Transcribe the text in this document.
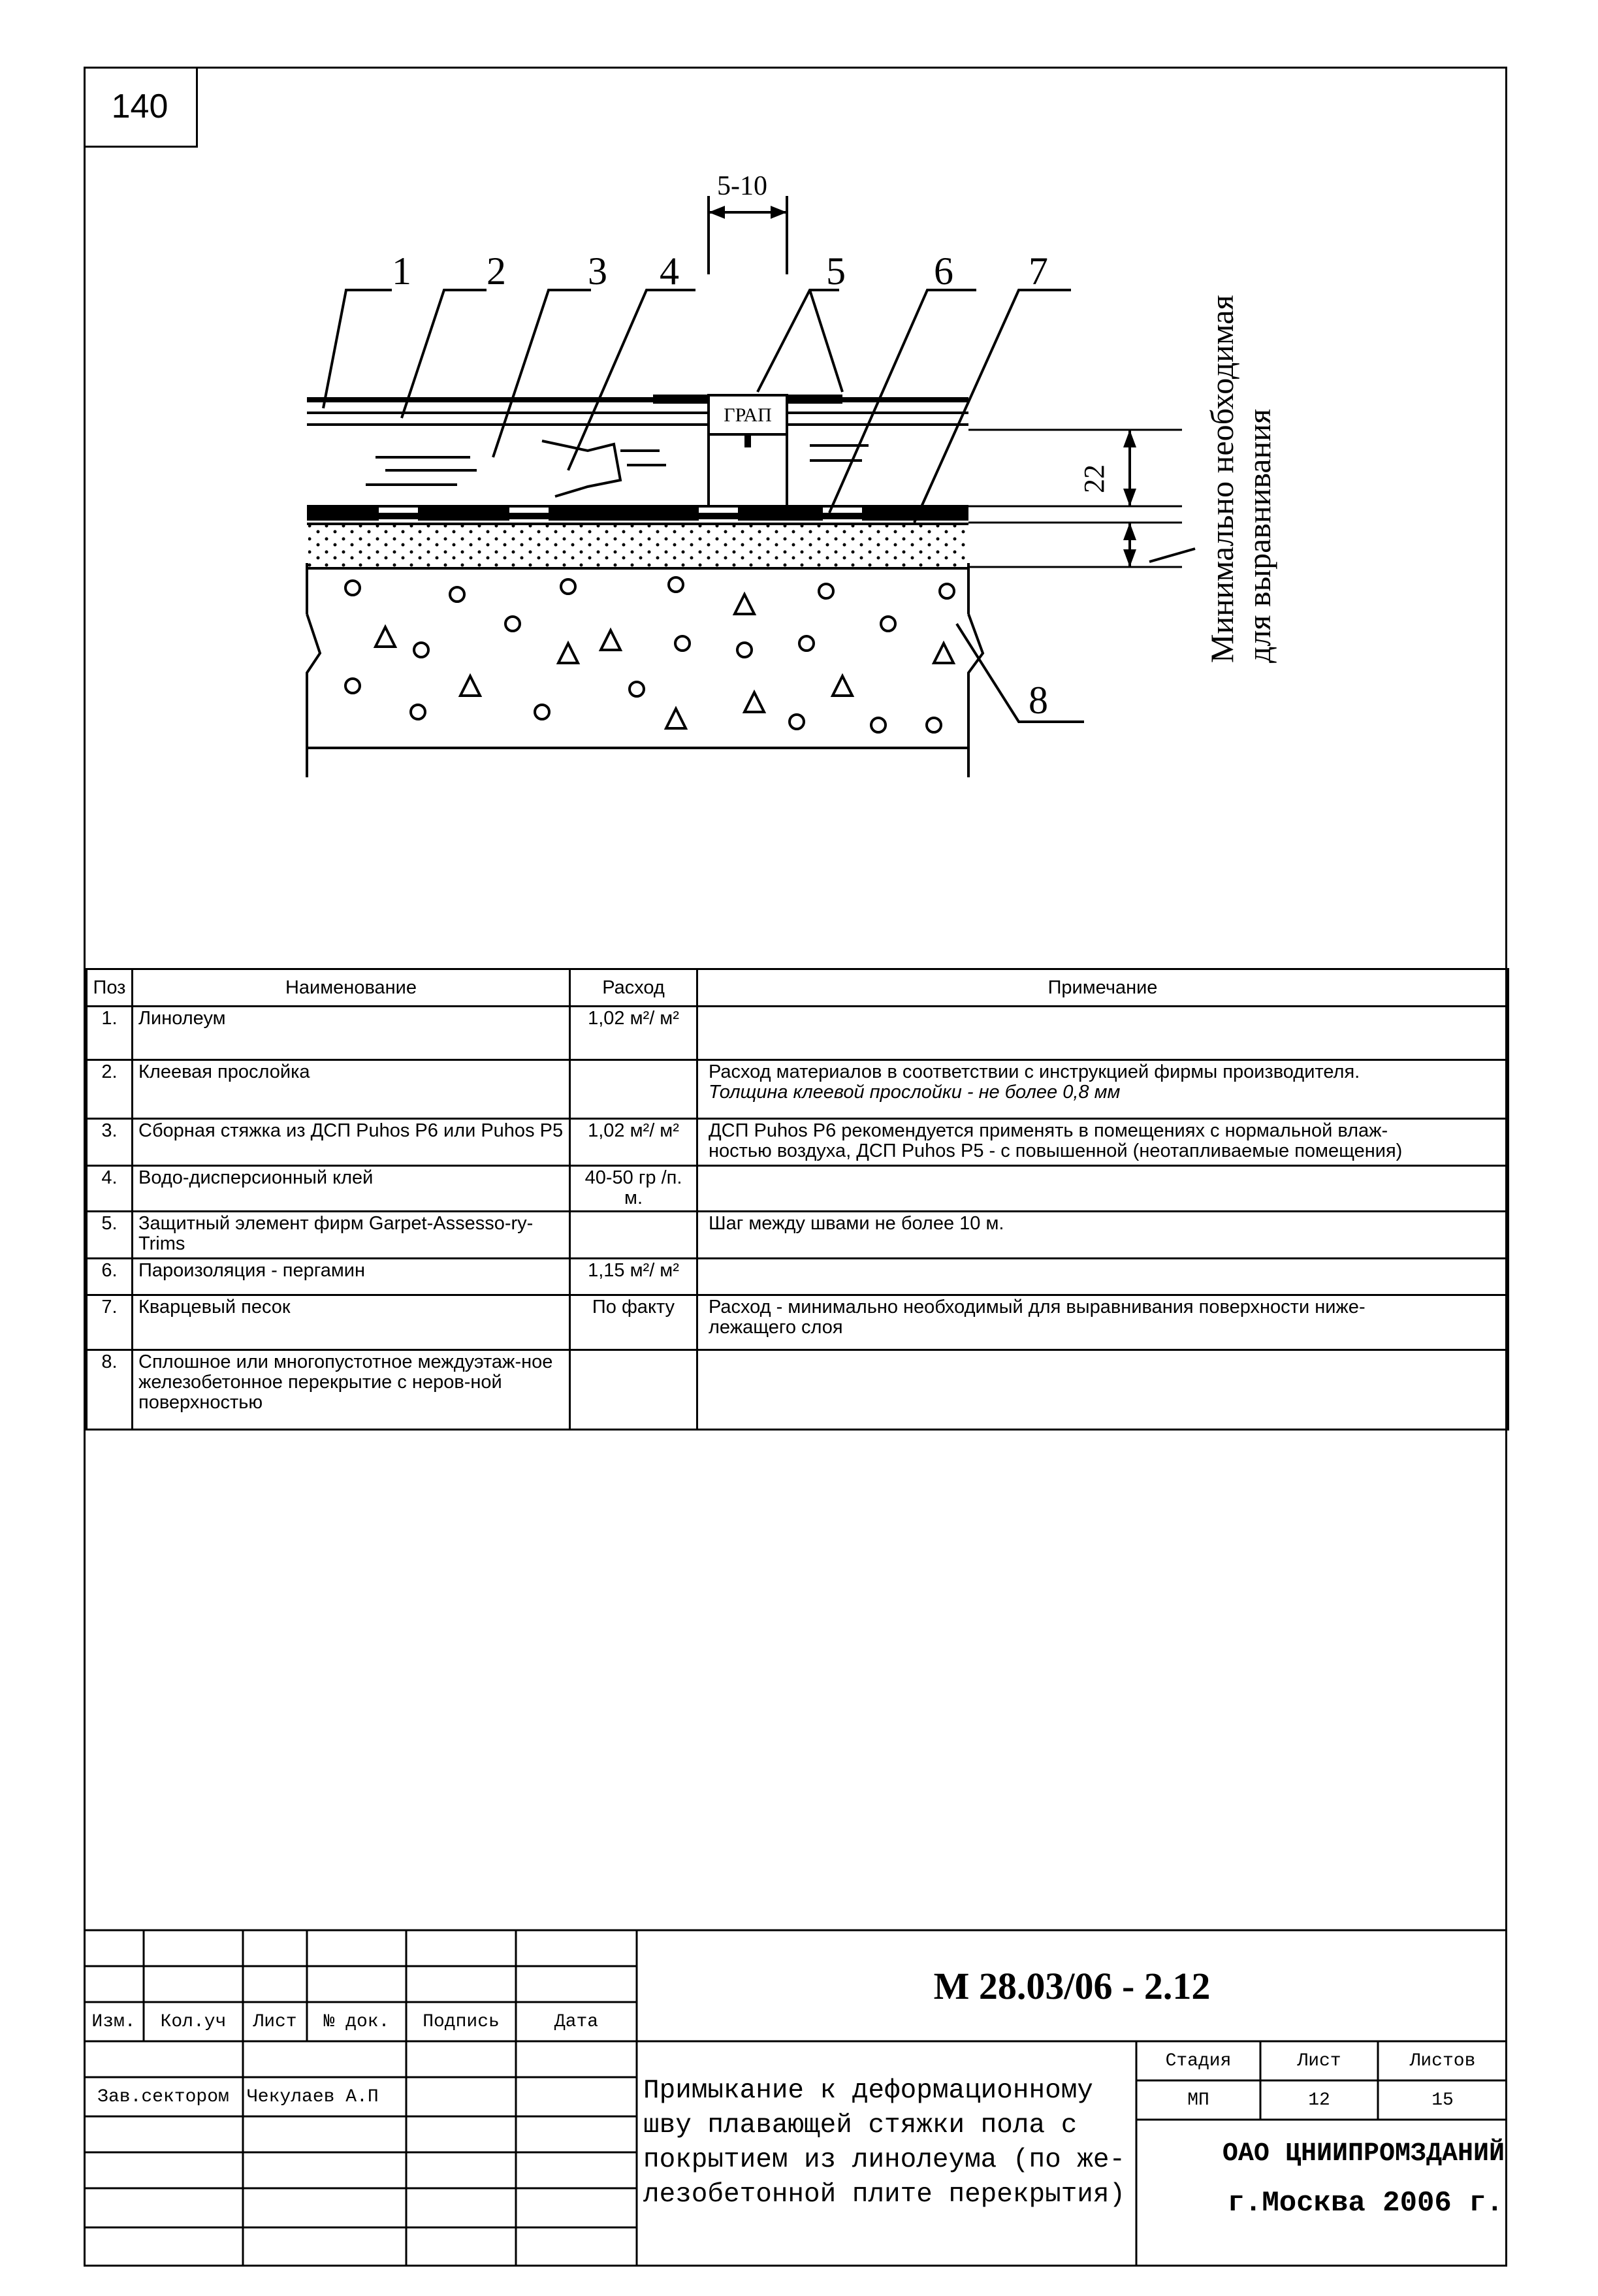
140
ГРАП
1 2 3 4	5 6 7
8
5-10
22	Минимально необходимая для выравнивания
Поз	Наименование	Расход	Примечание
1.	Линолеум	1,02 м²/ м²	

2.	Клеевая прослойка		Расход материалов в соответствии с инструкцией фирмы производителя.
Толщина клеевой прослойки - не более 0,8 мм

3.	Сборная стяжка из ДСП Puhos P6 или Puhos P5	1,02 м²/ м²	ДСП Puhos P6 рекомендуется применять в помещениях с нормальной влаж-
ностью воздуха, ДСП Puhos P5 - с повышенной (неотапливаемые помещения)

4.	Водо-дисперсионный клей	40-50 гр /п. м.	

5.	Защитный элемент фирм Garpet-Assesso-ry-Trims		Шаг между швами не более 10 м.

6.	Пароизоляция - пергамин	1,15 м²/ м²	

7.	Кварцевый песок	По факту	Расход - минимально необходимый для выравнивания поверхности ниже-
лежащего слоя

8.	Сплошное или многопустотное междуэтаж-ное железобетонное перекрытие с неров-ной поверхностью		
Изм.	Кол.уч	Лист	№ док.	Подпись	Дата
Зав.сектором Чекулаев А.П
М 28.03/06 - 2.12
Примыкание к деформационному
шву плавающей стяжки пола с
покрытием из линолеума (по же-
лезобетонной плите перекрытия)
Стадия	Лист	Листов
МП	12	15
ОАО ЦНИИПРОМЗДАНИЙ
г.Москва 2006 г.
